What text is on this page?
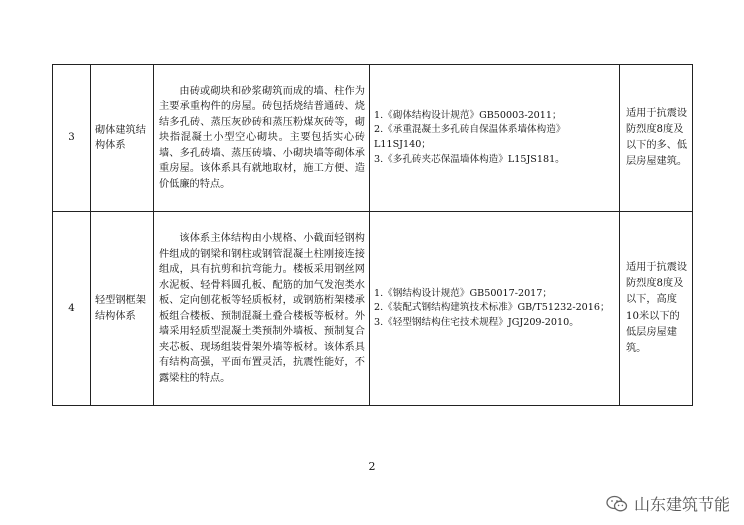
3	砌体建筑结构体系	由砖或砌块和砂浆砌筑而成的墙、柱作为主要承重构件的房屋。砖包括烧结普通砖、烧结多孔砖、蒸压灰砂砖和蒸压粉煤灰砖等，砌块指混凝土小型空心砌块。主要包括实心砖墙、多孔砖墙、蒸压砖墙、小砌块墙等砌体承重房屋。该体系具有就地取材，施工方便、造价低廉的特点。	1.《砌体结构设计规范》GB50003-2011；
2.《承重混凝土多孔砖自保温体系墙体构造》
L11SJ140；
3.《多孔砖夹芯保温墙体构造》L15JS181。	适用于抗震设防烈度8度及以下的多、低层房屋建筑。
4	轻型钢框架结构体系	该体系主体结构由小规格、小截面轻钢构件组成的钢梁和钢柱或钢管混凝土柱刚接连接组成，具有抗剪和抗弯能力。楼板采用钢丝网水泥板、轻骨料圆孔板、配筋的加气发泡类水板、定向刨花板等轻质板材，或钢筋桁架楼承板组合楼板、预制混凝土叠合楼板等板材。外墙采用轻质型混凝土类预制外墙板、预制复合夹芯板、现场组装骨架外墙等板材。该体系具有结构高强，平面布置灵活，抗震性能好，不露梁柱的特点。	1.《钢结构设计规范》GB50017-2017；
2.《装配式钢结构建筑技术标准》GB/T51232-2016；
3.《轻型钢结构住宅技术规程》JGJ209-2010。	适用于抗震设防烈度8度及以下，高度10米以下的低层房屋建筑。
2
山东建筑节能
